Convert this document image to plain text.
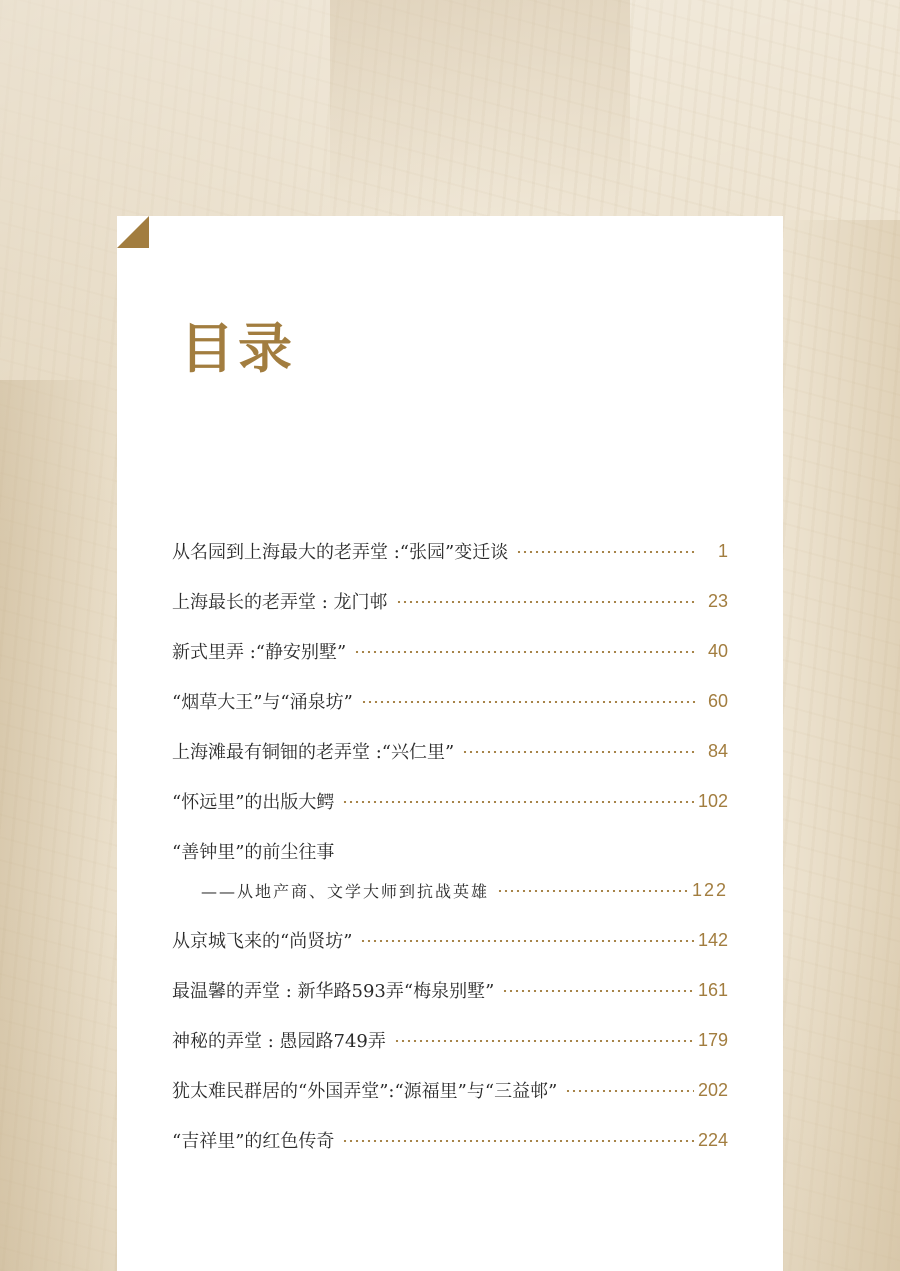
目录
从名园到上海最大的老弄堂 :“张园”变迁谈	1
上海最长的老弄堂 : 龙门邨	23
新式里弄 :“静安别墅”	40
“烟草大王”与“涌泉坊”	60
上海滩最有铜钿的老弄堂 :“兴仁里”	84
“怀远里”的出版大鳄	102
“善钟里”的前尘往事
——从地产商、文学大师到抗战英雄	122
从京城飞来的“尚贤坊”	142
最温馨的弄堂 : 新华路593弄“梅泉别墅”	161
神秘的弄堂 : 愚园路749弄	179
犹太难民群居的“外国弄堂”:“源福里”与“三益邨”	202
“吉祥里”的红色传奇	224
